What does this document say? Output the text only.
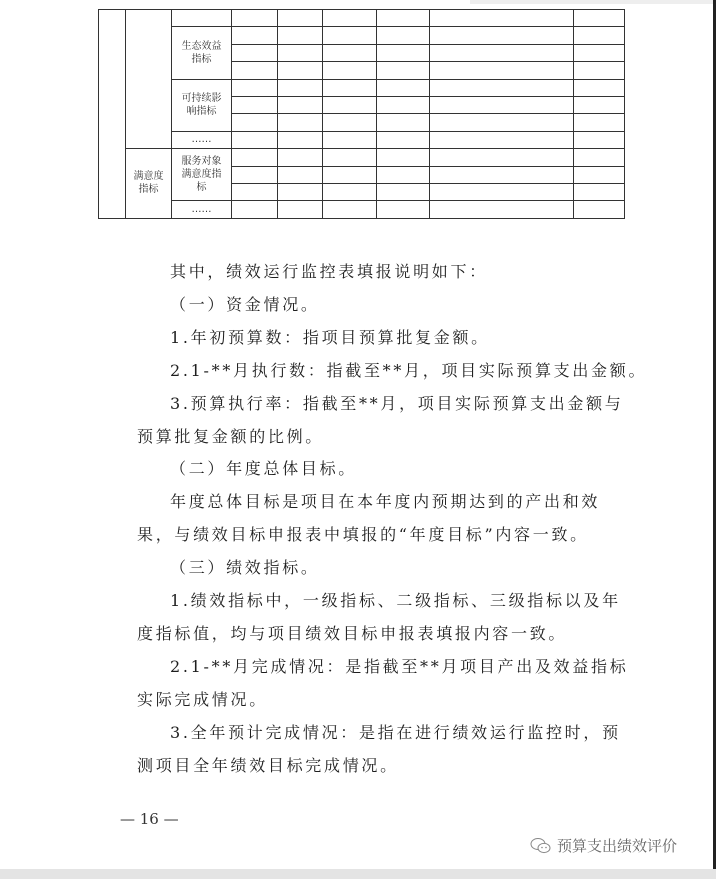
		生态效益指标						

		可持续影响指标						

		……						
	满意度指标	服务对象满意度指标						

		……						
其中，绩效运行监控表填报说明如下：
（一）资金情况。
1.年初预算数：指项目预算批复金额。
2.1-**月执行数：指截至**月，项目实际预算支出金额。
3.预算执行率：指截至**月，项目实际预算支出金额与
预算批复金额的比例。
（二）年度总体目标。
年度总体目标是项目在本年度内预期达到的产出和效
果，与绩效目标申报表中填报的“年度目标”内容一致。
（三）绩效指标。
1.绩效指标中，一级指标、二级指标、三级指标以及年
度指标值，均与项目绩效目标申报表填报内容一致。
2.1-**月完成情况：是指截至**月项目产出及效益指标
实际完成情况。
3.全年预计完成情况：是指在进行绩效运行监控时，预
测项目全年绩效目标完成情况。
— 16 —
预算支出绩效评价
